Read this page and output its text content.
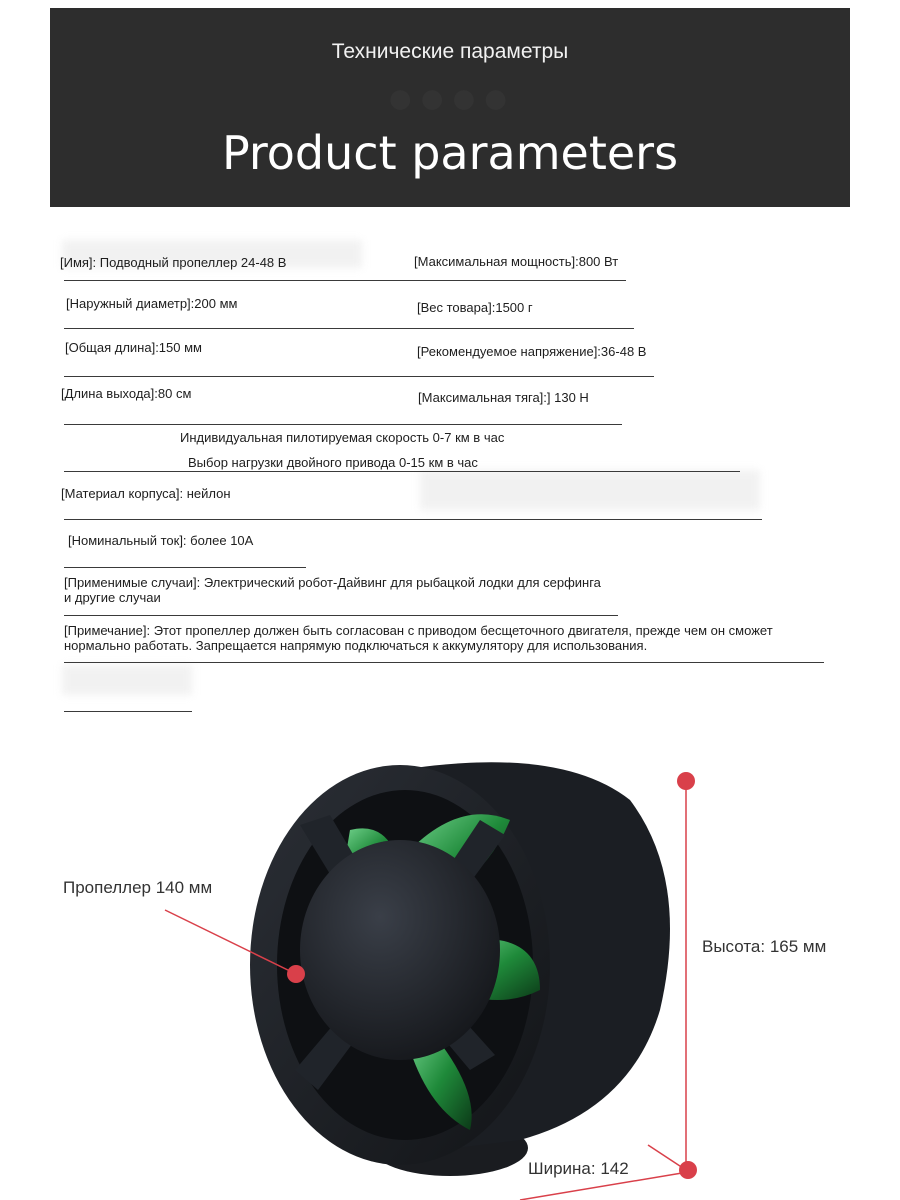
Технические параметры
●●●●
Product parameters
[Имя]: Подводный пропеллер 24-48 В	[Максимальная мощность]:800 Вт
[Наружный диаметр]:200 мм	[Вес товара]:1500 г
[Общая длина]:150 мм	[Рекомендуемое напряжение]:36-48 В
[Длина выхода]:80 см	[Максимальная тяга]:] 130 Н
Индивидуальная пилотируемая скорость 0-7 км в час
Выбор нагрузки двойного привода 0-15 км в час
[Материал корпуса]: нейлон
[Номинальный ток]: более 10А
[Применимые случаи]: Электрический робот-Дайвинг для рыбацкой лодки для серфинга и другие случаи
[Примечание]: Этот пропеллер должен быть согласован с приводом бесщеточного двигателя, прежде чем он сможет нормально работать. Запрещается напрямую подключаться к аккумулятору для использования.
Пропеллер 140 мм
Высота: 165 мм
Ширина: 142
